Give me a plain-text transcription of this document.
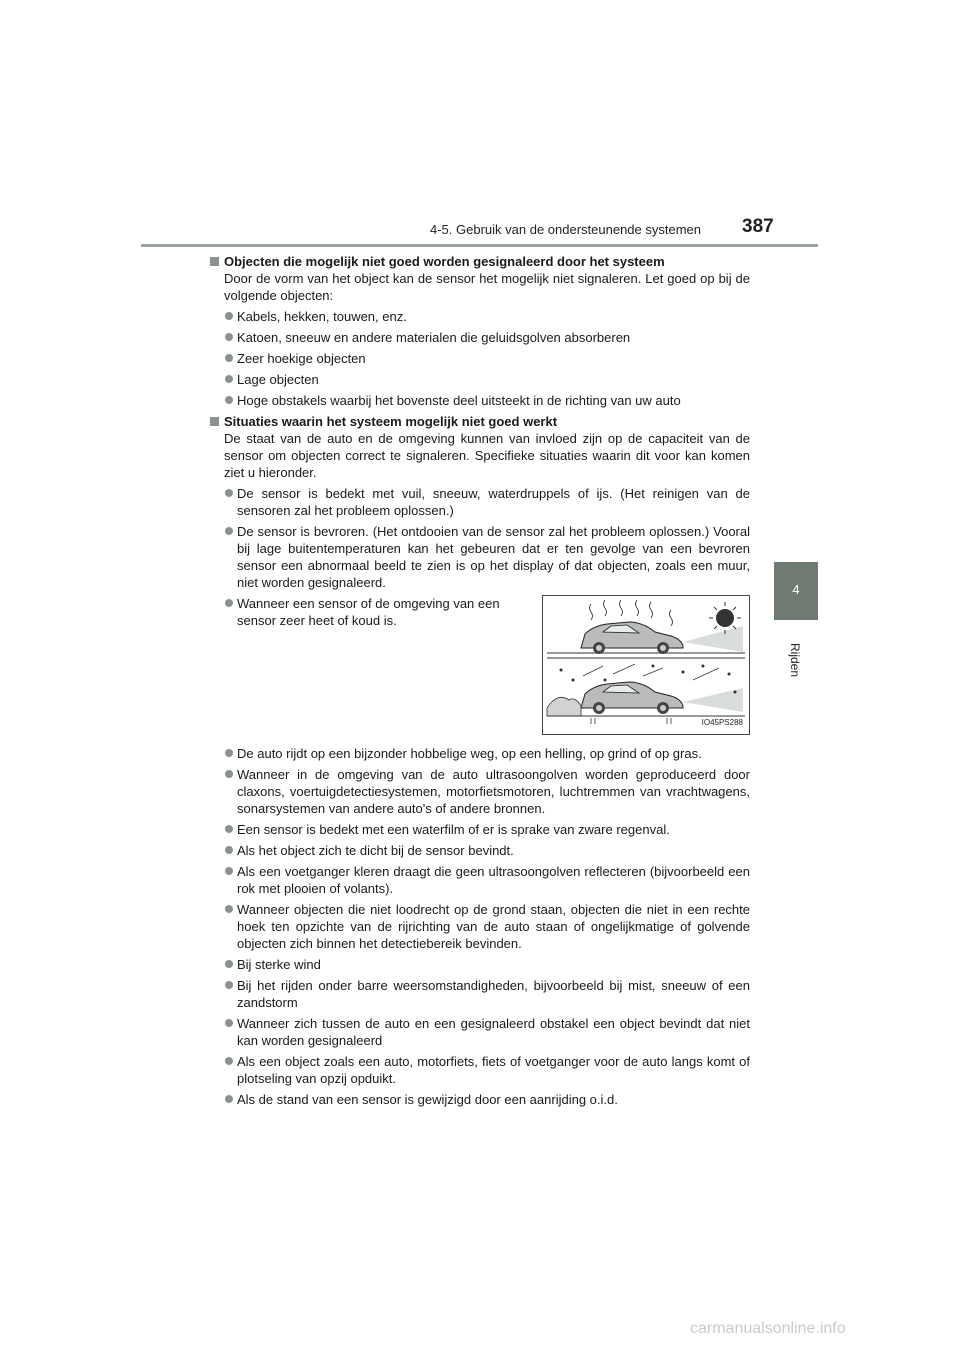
4-5. Gebruik van de ondersteunende systemen 387
4
Rijden
Objecten die mogelijk niet goed worden gesignaleerd door het systeem
Door de vorm van het object kan de sensor het mogelijk niet signaleren. Let goed op bij de volgende objecten:
Kabels, hekken, touwen, enz.
Katoen, sneeuw en andere materialen die geluidsgolven absorberen
Zeer hoekige objecten
Lage objecten
Hoge obstakels waarbij het bovenste deel uitsteekt in de richting van uw auto
Situaties waarin het systeem mogelijk niet goed werkt
De staat van de auto en de omgeving kunnen van invloed zijn op de capaciteit van de sensor om objecten correct te signaleren. Specifieke situaties waarin dit voor kan komen ziet u hieronder.
De sensor is bedekt met vuil, sneeuw, waterdruppels of ijs. (Het reinigen van de sensoren zal het probleem oplossen.)
De sensor is bevroren. (Het ontdooien van de sensor zal het probleem oplossen.) Vooral bij lage buitentemperaturen kan het gebeuren dat er ten gevolge van een bevroren sensor een abnormaal beeld te zien is op het display of dat objecten, zoals een muur, niet worden gesignaleerd.
Wanneer een sensor of de omgeving van een sensor zeer heet of koud is.
IO45PS288
De auto rijdt op een bijzonder hobbelige weg, op een helling, op grind of op gras.
Wanneer in de omgeving van de auto ultrasoongolven worden geproduceerd door claxons, voertuigdetectiesystemen, motorfietsmotoren, luchtremmen van vrachtwagens, sonarsystemen van andere auto's of andere bronnen.
Een sensor is bedekt met een waterfilm of er is sprake van zware regenval.
Als het object zich te dicht bij de sensor bevindt.
Als een voetganger kleren draagt die geen ultrasoongolven reflecteren (bijvoorbeeld een rok met plooien of volants).
Wanneer objecten die niet loodrecht op de grond staan, objecten die niet in een rechte hoek ten opzichte van de rijrichting van de auto staan of ongelijkmatige of golvende objecten zich binnen het detectiebereik bevinden.
Bij sterke wind
Bij het rijden onder barre weersomstandigheden, bijvoorbeeld bij mist, sneeuw of een zandstorm
Wanneer zich tussen de auto en een gesignaleerd obstakel een object bevindt dat niet kan worden gesignaleerd
Als een object zoals een auto, motorfiets, fiets of voetganger voor de auto langs komt of plotseling van opzij opduikt.
Als de stand van een sensor is gewijzigd door een aanrijding o.i.d.
carmanualsonline.info
